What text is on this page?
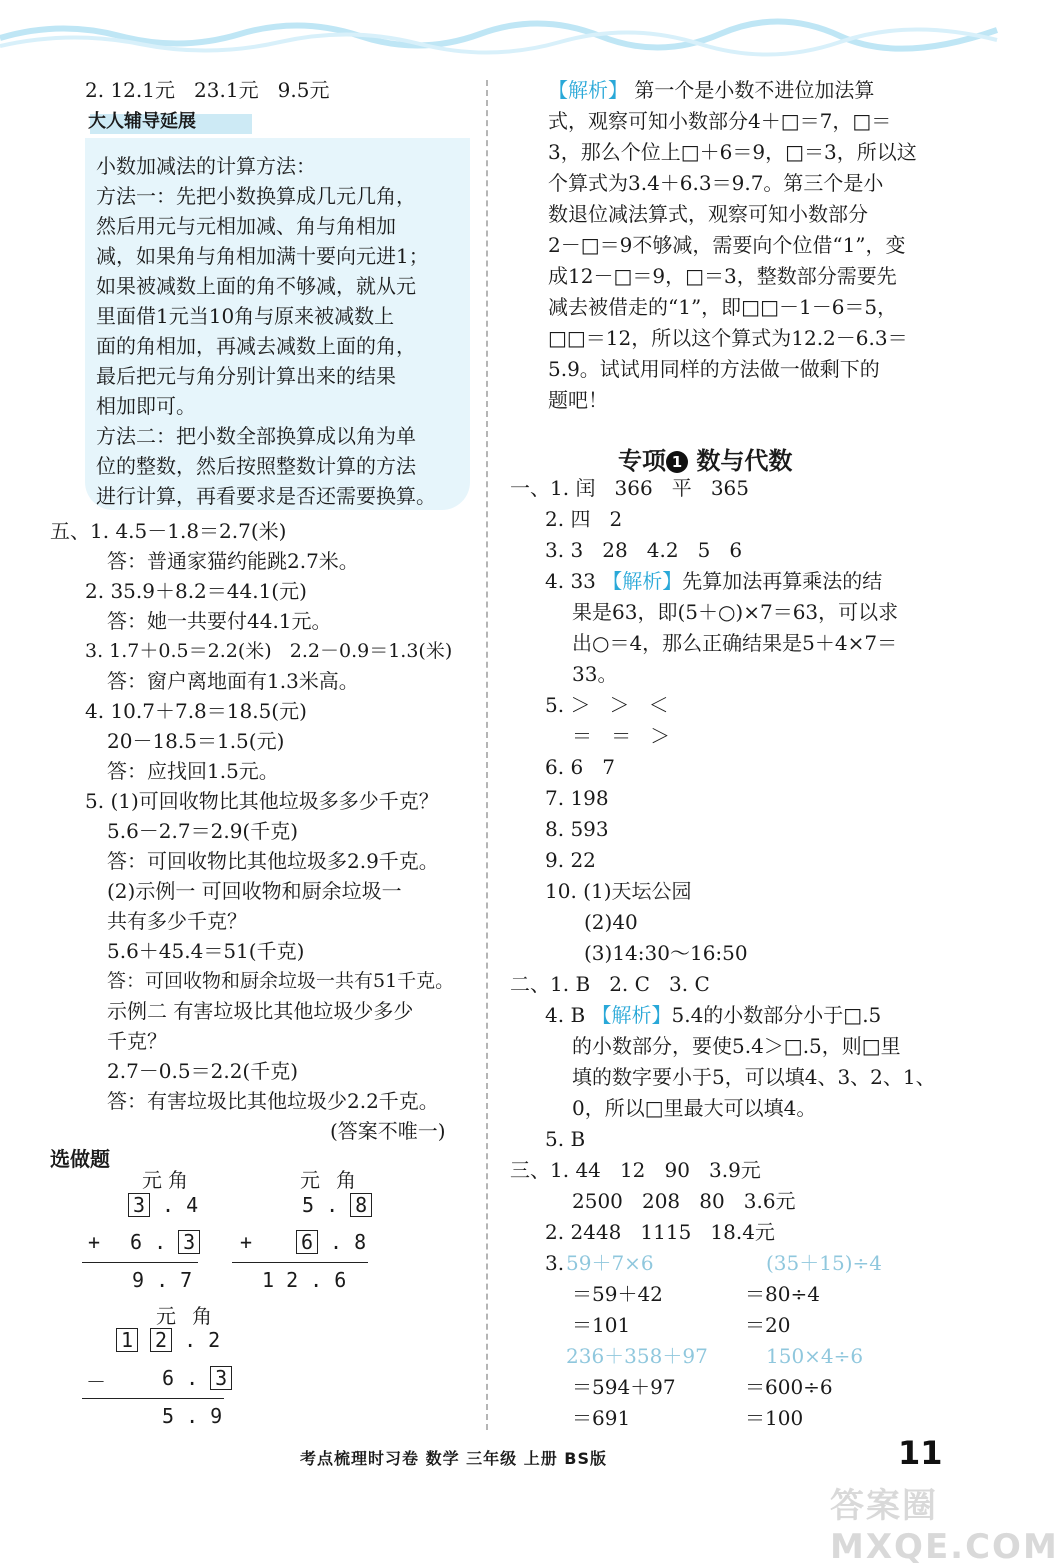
2. 12.1元   23.1元   9.5元
大人辅导延展
小数加减法的计算方法：
方法一：先把小数换算成几元几角，
然后用元与元相加减、角与角相加
减，如果角与角相加满十要向元进1；
如果被减数上面的角不够减，就从元
里面借1元当10角与原来被减数上
面的角相加，再减去减数上面的角，
最后把元与角分别计算出来的结果
相加即可。
方法二：把小数全部换算成以角为单
位的整数，然后按照整数计算的方法
进行计算，再看要求是否还需要换算。
五、1. 4.5－1.8＝2.7(米)
答：普通家猫约能跳2.7米。
2. 35.9＋8.2＝44.1(元)
答：她一共要付44.1元。
3. 1.7＋0.5＝2.2(米)   2.2－0.9＝1.3(米)
答：窗户离地面有1.3米高。
4. 10.7＋7.8＝18.5(元)
20－18.5＝1.5(元)
答：应找回1.5元。
5. (1)可回收物比其他垃圾多多少千克？
5.6－2.7＝2.9(千克)
答：可回收物比其他垃圾多2.9千克。
(2)示例一 可回收物和厨余垃圾一
共有多少千克？
5.6＋45.4＝51(千克)
答：可回收物和厨余垃圾一共有51千克。
示例二 有害垃圾比其他垃圾少多少
千克？
2.7－0.5＝2.2(千克)
答：有害垃圾比其他垃圾少2.2千克。
(答案不唯一)
选做题
元 角
3 . 4
+ 6 . 3
9 . 7
元 角
5 . 8
+ 6 . 8
1 2 . 6
元 角
1 2 . 2
－	6 . 3
5 . 9
【解析】 第一个是小数不进位加法算
式，观察可知小数部分4＋□＝7，□＝
3，那么个位上□＋6＝9，□＝3，所以这
个算式为3.4＋6.3＝9.7。第三个是小
数退位减法算式，观察可知小数部分
2－□＝9不够减，需要向个位借“1”，变
成12－□＝9，□＝3，整数部分需要先
减去被借走的“1”，即□□－1－6＝5，
□□＝12，所以这个算式为12.2－6.3＝
5.9。试试用同样的方法做一做剩下的
题吧！
专项 1 数与代数
一、1. 闰   366   平   365
2. 四   2
3. 3   28   4.2   5   6
4. 33 【解析】先算加法再算乘法的结
果是63，即(5＋○)×7＝63，可以求
出○＝4，那么正确结果是5＋4×7＝
33。
5. ＞   ＞   ＜
＝   ＝   ＞
6. 6   7
7. 198
8. 593
9. 22
10. (1)天坛公园
(2)40
(3)14:30～16:50
二、1. B   2. C   3. C
4. B 【解析】5.4的小数部分小于□.5
的小数部分，要使5.4＞□.5，则□里
填的数字要小于5，可以填4、3、2、1、
0，所以□里最大可以填4。
5. B
三、1. 44   12   90   3.9元
2500   208   80   3.6元
2. 2448   1115   18.4元
3. 59＋7×6	(35＋15)÷4
＝59＋42	＝80÷4
＝101	＝20
236＋358＋97	150×4÷6
＝594＋97	＝600÷6
＝691	＝100
考点梳理时习卷 数学 三年级 上册 BS版	11
答案圈 MXQE.COM
